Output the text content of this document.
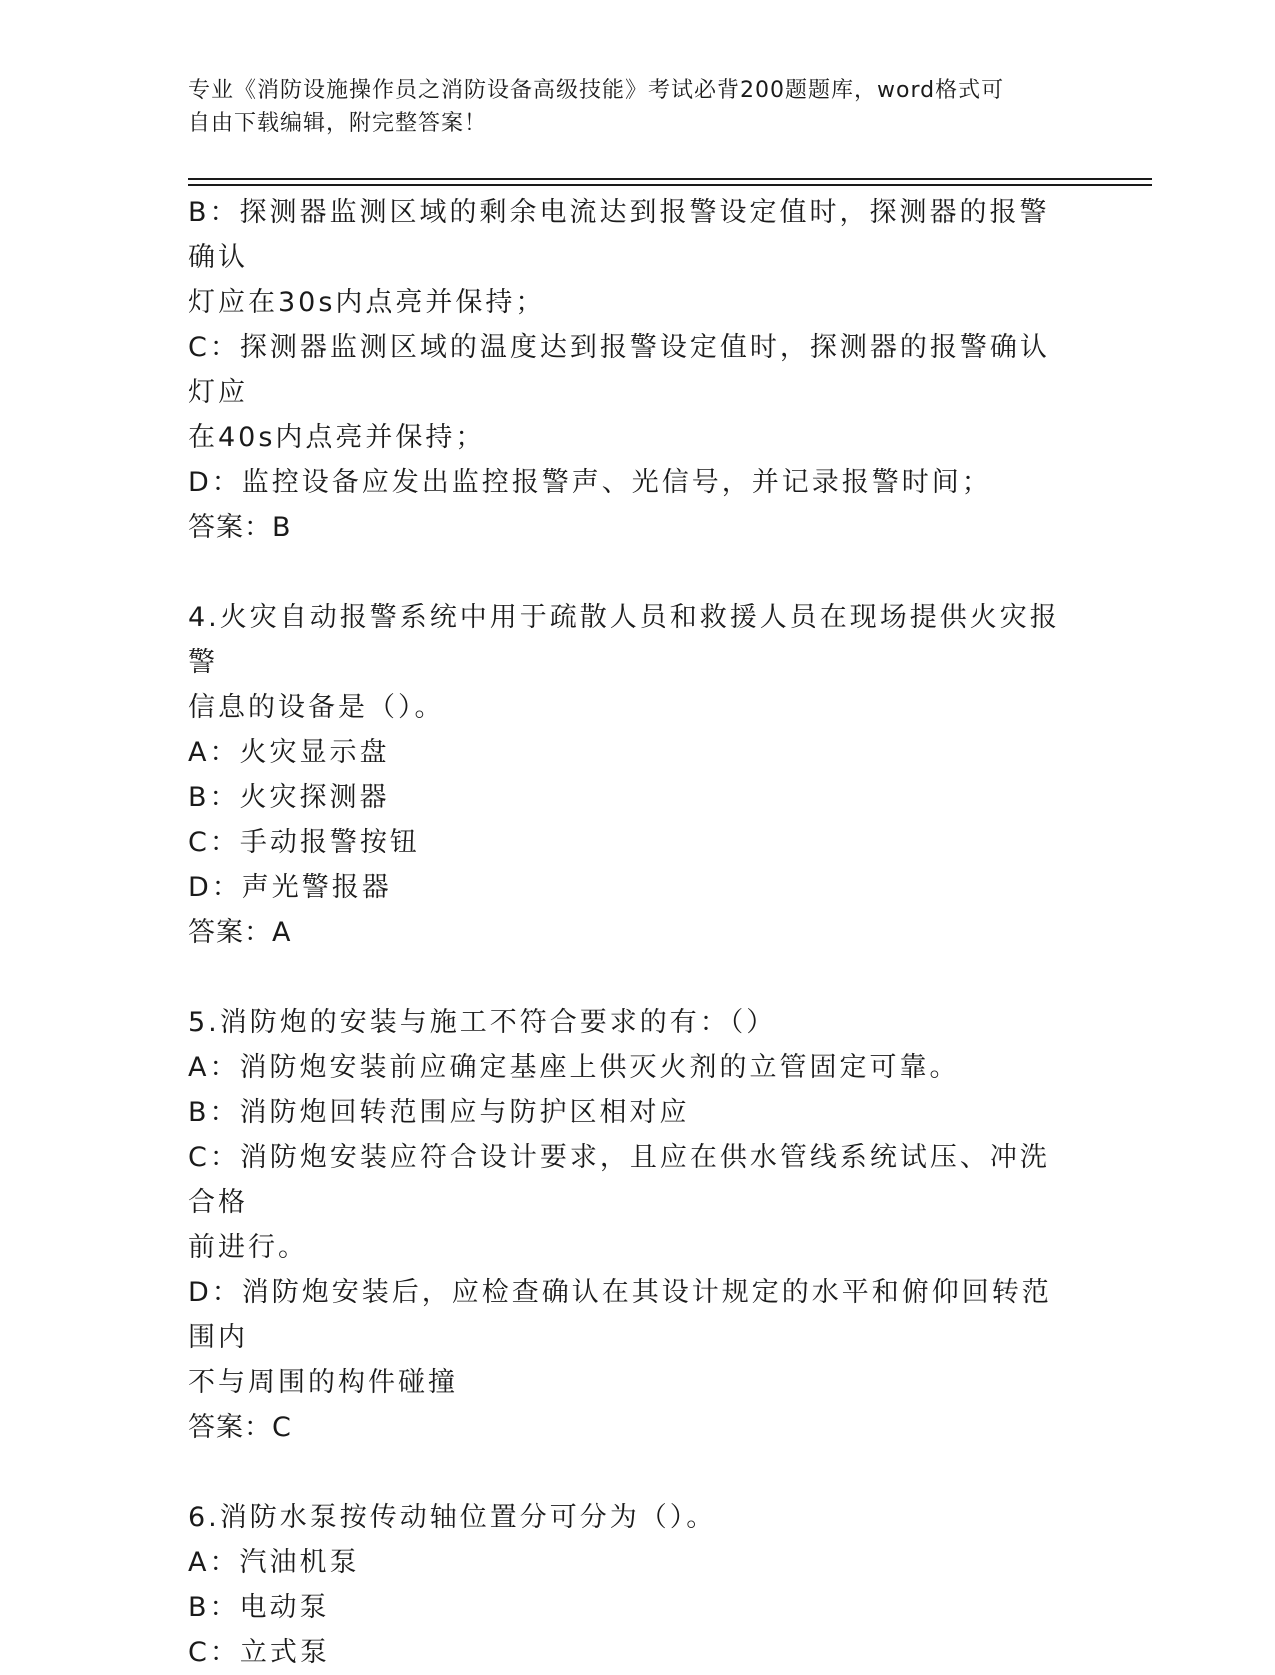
专业《消防设施操作员之消防设备高级技能》考试必背200题题库，word格式可
自由下载编辑，附完整答案！
B：探测器监测区域的剩余电流达到报警设定值时，探测器的报警确认
灯应在30s内点亮并保持；
C：探测器监测区域的温度达到报警设定值时，探测器的报警确认灯应
在40s内点亮并保持；
D：监控设备应发出监控报警声、光信号，并记录报警时间；
答案：B
4.火灾自动报警系统中用于疏散人员和救援人员在现场提供火灾报警
信息的设备是（）。
A：火灾显示盘
B：火灾探测器
C：手动报警按钮
D：声光警报器
答案：A
5.消防炮的安装与施工不符合要求的有：（）
A：消防炮安装前应确定基座上供灭火剂的立管固定可靠。
B：消防炮回转范围应与防护区相对应
C：消防炮安装应符合设计要求，且应在供水管线系统试压、冲洗合格
前进行。
D：消防炮安装后，应检查确认在其设计规定的水平和俯仰回转范围内
不与周围的构件碰撞
答案：C
6.消防水泵按传动轴位置分可分为（）。
A：汽油机泵
B：电动泵
C：立式泵
